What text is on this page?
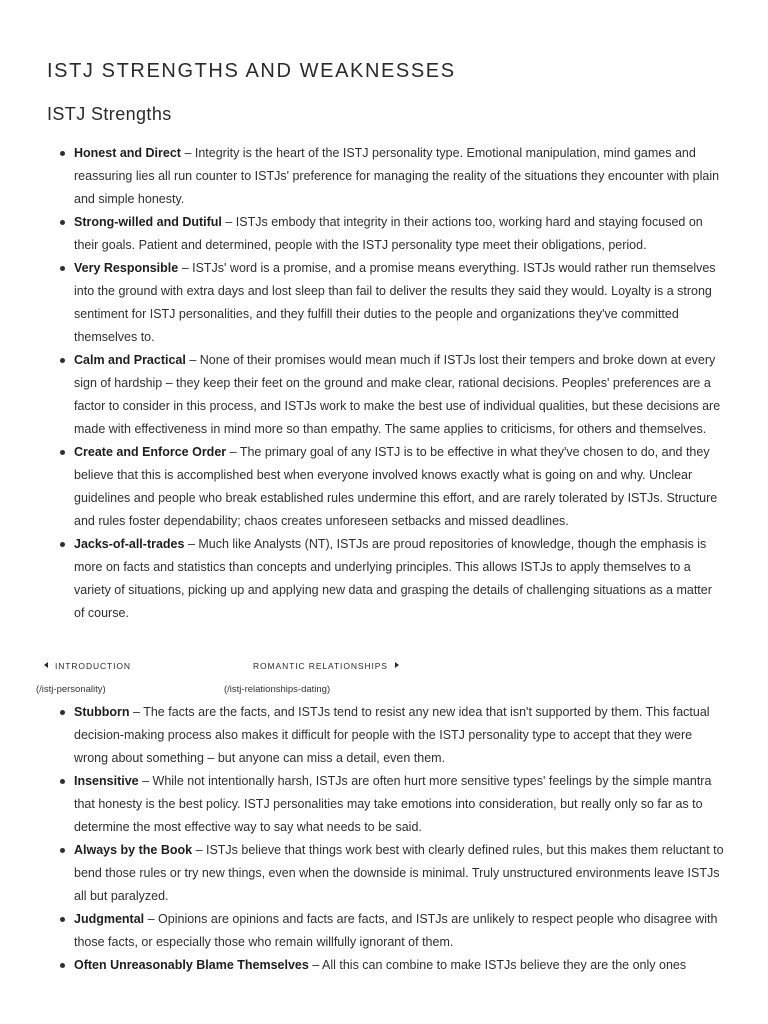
ISTJ STRENGTHS AND WEAKNESSES
ISTJ Strengths
Honest and Direct – Integrity is the heart of the ISTJ personality type. Emotional manipulation, mind games and reassuring lies all run counter to ISTJs' preference for managing the reality of the situations they encounter with plain and simple honesty.
Strong-willed and Dutiful – ISTJs embody that integrity in their actions too, working hard and staying focused on their goals. Patient and determined, people with the ISTJ personality type meet their obligations, period.
Very Responsible – ISTJs' word is a promise, and a promise means everything. ISTJs would rather run themselves into the ground with extra days and lost sleep than fail to deliver the results they said they would. Loyalty is a strong sentiment for ISTJ personalities, and they fulfill their duties to the people and organizations they've committed themselves to.
Calm and Practical – None of their promises would mean much if ISTJs lost their tempers and broke down at every sign of hardship – they keep their feet on the ground and make clear, rational decisions. Peoples' preferences are a factor to consider in this process, and ISTJs work to make the best use of individual qualities, but these decisions are made with effectiveness in mind more so than empathy. The same applies to criticisms, for others and themselves.
Create and Enforce Order – The primary goal of any ISTJ is to be effective in what they've chosen to do, and they believe that this is accomplished best when everyone involved knows exactly what is going on and why. Unclear guidelines and people who break established rules undermine this effort, and are rarely tolerated by ISTJs. Structure and rules foster dependability; chaos creates unforeseen setbacks and missed deadlines.
Jacks-of-all-trades – Much like Analysts (NT), ISTJs are proud repositories of knowledge, though the emphasis is more on facts and statistics than concepts and underlying principles. This allows ISTJs to apply themselves to a variety of situations, picking up and applying new data and grasping the details of challenging situations as a matter of course.
INTRODUCTION	ROMANTIC RELATIONSHIPS
(/istj-personality)	(/istj-relationships-dating)
Stubborn – The facts are the facts, and ISTJs tend to resist any new idea that isn't supported by them. This factual decision-making process also makes it difficult for people with the ISTJ personality type to accept that they were wrong about something – but anyone can miss a detail, even them.
Insensitive – While not intentionally harsh, ISTJs are often hurt more sensitive types' feelings by the simple mantra that honesty is the best policy. ISTJ personalities may take emotions into consideration, but really only so far as to determine the most effective way to say what needs to be said.
Always by the Book – ISTJs believe that things work best with clearly defined rules, but this makes them reluctant to bend those rules or try new things, even when the downside is minimal. Truly unstructured environments leave ISTJs all but paralyzed.
Judgmental – Opinions are opinions and facts are facts, and ISTJs are unlikely to respect people who disagree with those facts, or especially those who remain willfully ignorant of them.
Often Unreasonably Blame Themselves – All this can combine to make ISTJs believe they are the only ones
